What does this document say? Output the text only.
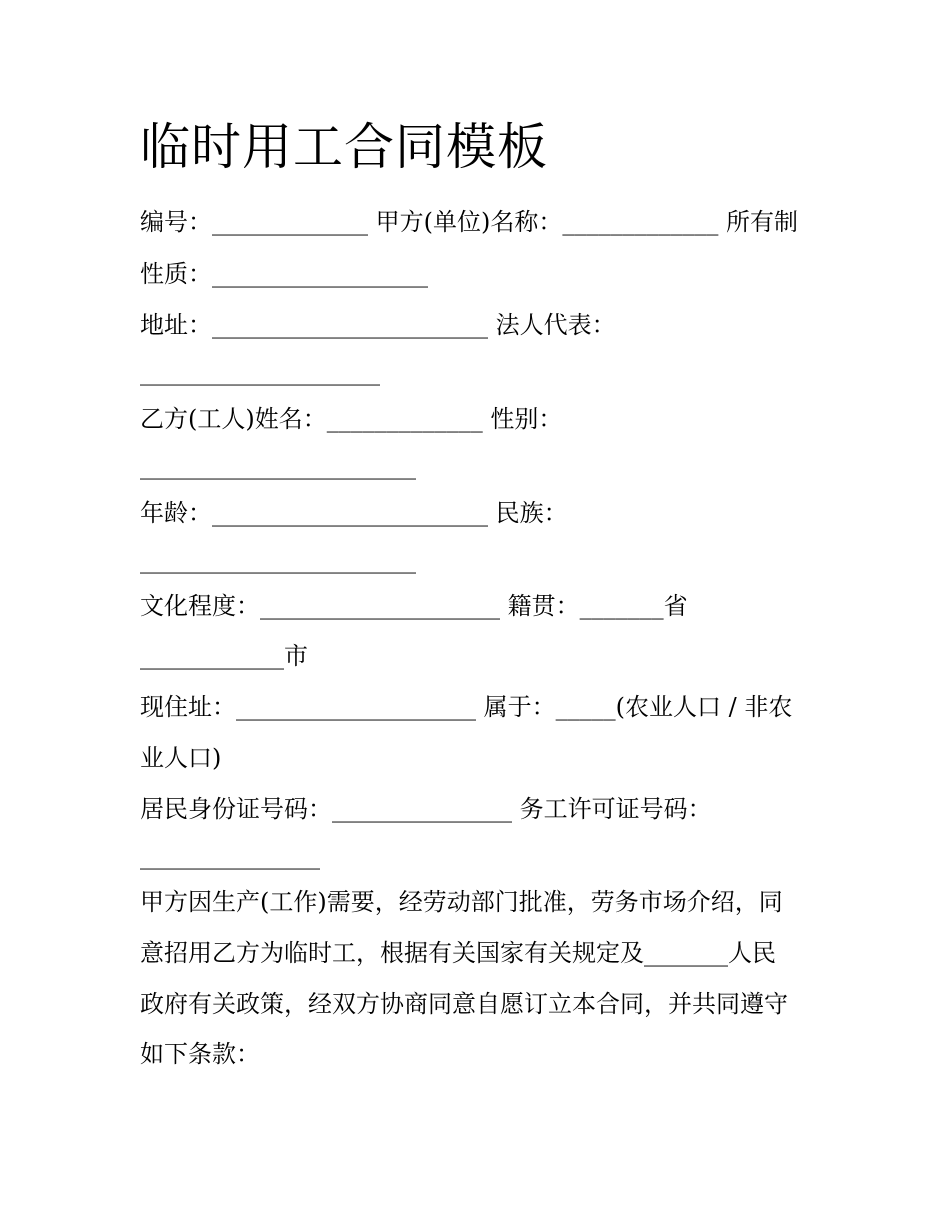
临时用工合同模板

编号：_____________ 甲方(单位)名称：_____________ 所有制

性质：__________________

地址：_______________________ 法人代表：

____________________

乙方(工人)姓名：_____________ 性别：

_______________________

年龄：_______________________ 民族：

_______________________

文化程度：____________________ 籍贯：_______省

____________市

现住址：____________________ 属于：_____(农业人口 / 非农

业人口)

居民身份证号码：_______________ 务工许可证号码：

_______________

甲方因生产(工作)需要，经劳动部门批准，劳务市场介绍，同

意招用乙方为临时工，根据有关国家有关规定及_______人民

政府有关政策，经双方协商同意自愿订立本合同，并共同遵守

如下条款：
